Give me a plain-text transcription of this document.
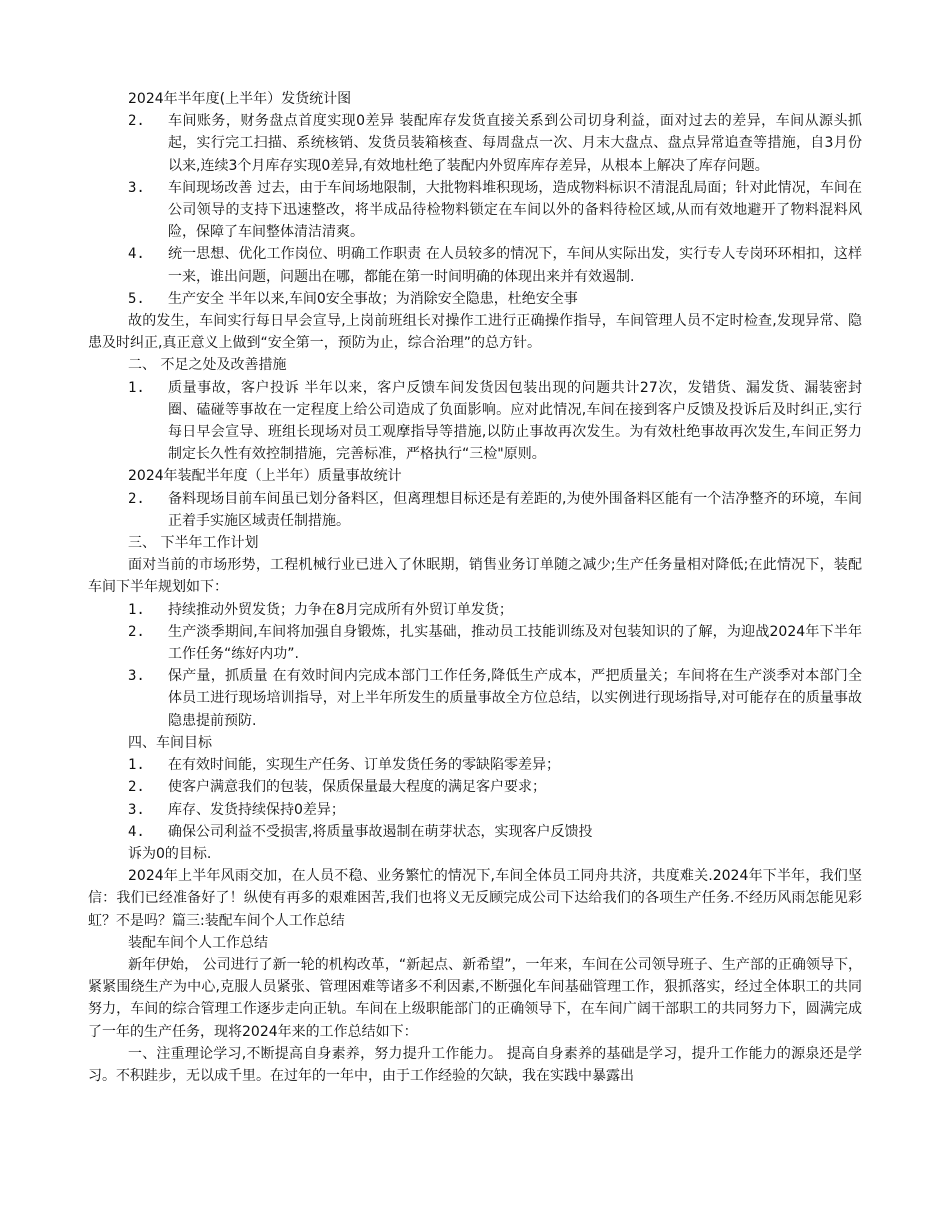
2024年半年度(上半年）发货统计图

2.	车间账务，财务盘点首度实现0差异 装配库存发货直接关系到公司切身利益，面对过去的差异，车间从源头抓起，实行完工扫描、系统核销、发货员装箱核查、每周盘点一次、月末大盘点、盘点异常追查等措施，自3月份以来,连续3个月库存实现0差异,有效地杜绝了装配内外贸库库存差异，从根本上解决了库存问题。
3.	车间现场改善 过去，由于车间场地限制，大批物料堆积现场，造成物料标识不清混乱局面；针对此情况，车间在公司领导的支持下迅速整改，将半成品待检物料锁定在车间以外的备料待检区域,从而有效地避开了物料混料风险，保障了车间整体清洁清爽。
4.	统一思想、优化工作岗位、明确工作职责 在人员较多的情况下，车间从实际出发，实行专人专岗环环相扣，这样一来，谁出问题，问题出在哪，都能在第一时间明确的体现出来并有效遏制.
5.	生产安全 半年以来,车间0安全事故；为消除安全隐患，杜绝安全事

故的发生，车间实行每日早会宣导,上岗前班组长对操作工进行正确操作指导，车间管理人员不定时检查,发现异常、隐患及时纠正,真正意义上做到“安全第一，预防为止，综合治理”的总方针。

二、 不足之处及改善措施

1.	质量事故，客户投诉 半年以来，客户反馈车间发货因包装出现的问题共计27次，发错货、漏发货、漏装密封圈、磕碰等事故在一定程度上给公司造成了负面影响。应对此情况,车间在接到客户反馈及投诉后及时纠正,实行每日早会宣导、班组长现场对员工观摩指导等措施,以防止事故再次发生。为有效杜绝事故再次发生,车间正努力制定长久性有效控制措施，完善标准，严格执行“三检"原则。

2024年装配半年度（上半年）质量事故统计

2.	备料现场目前车间虽已划分备料区，但离理想目标还是有差距的,为使外围备料区能有一个洁净整齐的环境，车间正着手实施区域责任制措施。

三、 下半年工作计划

面对当前的市场形势，工程机械行业已进入了休眠期，销售业务订单随之减少;生产任务量相对降低;在此情况下，装配车间下半年规划如下：

1.	持续推动外贸发货；力争在8月完成所有外贸订单发货；
2.	生产淡季期间,车间将加强自身锻炼，扎实基础，推动员工技能训练及对包装知识的了解，为迎战2024年下半年工作任务“练好内功”.
3.	保产量，抓质量 在有效时间内完成本部门工作任务,降低生产成本，严把质量关；车间将在生产淡季对本部门全体员工进行现场培训指导，对上半年所发生的质量事故全方位总结，以实例进行现场指导,对可能存在的质量事故隐患提前预防.

四、车间目标

1.	在有效时间能，实现生产任务、订单发货任务的零缺陷零差异；
2.	使客户满意我们的包装，保质保量最大程度的满足客户要求；
3.	库存、发货持续保持0差异；
4.	确保公司利益不受损害,将质量事故遏制在萌芽状态，实现客户反馈投

诉为0的目标.

2024年上半年风雨交加，在人员不稳、业务繁忙的情况下,车间全体员工同舟共济，共度难关.2024年下半年，我们坚信：我们已经准备好了！纵使有再多的艰难困苦,我们也将义无反顾完成公司下达给我们的各项生产任务.不经历风雨怎能见彩虹？不是吗？篇三:装配车间个人工作总结

装配车间个人工作总结

新年伊始， 公司进行了新一轮的机构改革，“新起点、新希望”，一年来，车间在公司领导班子、生产部的正确领导下，紧紧围绕生产为中心,克服人员紧张、管理困难等诸多不利因素,不断强化车间基础管理工作，狠抓落实，经过全体职工的共同努力，车间的综合管理工作逐步走向正轨。车间在上级职能部门的正确领导下，在车间广阔干部职工的共同努力下，圆满完成了一年的生产任务，现将2024年来的工作总结如下：

一、注重理论学习,不断提高自身素养，努力提升工作能力。 提高自身素养的基础是学习，提升工作能力的源泉还是学习。不积跬步，无以成千里。在过年的一年中，由于工作经验的欠缺，我在实践中暴露出
